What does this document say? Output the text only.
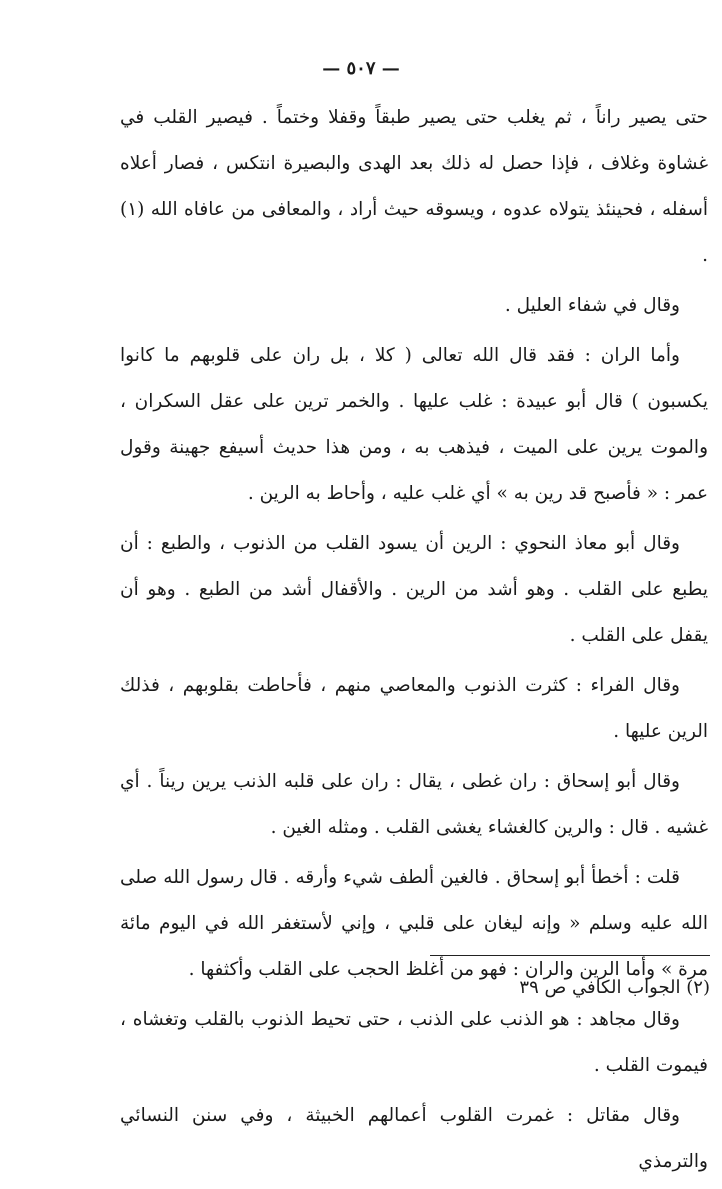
— ٥٠٧ —

حتى يصير راناً ، ثم يغلب حتى يصير طبقاً وقفلا وختماً . فيصير القلب في غشاوة وغلاف ، فإذا حصل له ذلك بعد الهدى والبصيرة انتكس ، فصار أعلاه أسفله ، فحينئذ يتولاه عدوه ، ويسوقه حيث أراد ، والمعافى من عافاه الله (١) .

وقال في شفاء العليل .

وأما الران : فقد قال الله تعالى ( كلا ، بل ران على قلوبهم ما كانوا يكسبون ) قال أبو عبيدة : غلب عليها . والخمر ترين على عقل السكران ، والموت يرين على الميت ، فيذهب به ، ومن هذا حديث أسيفع جهينة وقول عمر : « فأصبح قد رين به » أي غلب عليه ، وأحاط به الرين .

وقال أبو معاذ النحوي : الرين أن يسود القلب من الذنوب ، والطبع : أن يطبع على القلب . وهو أشد من الرين . والأقفال أشد من الطبع . وهو أن يقفل على القلب .

وقال الفراء : كثرت الذنوب والمعاصي منهم ، فأحاطت بقلوبهم ، فذلك الرين عليها .

وقال أبو إسحاق : ران غطى ، يقال : ران على قلبه الذنب يرين ريناً . أي غشيه . قال : والرين كالغشاء يغشى القلب . ومثله الغين .

قلت : أخطأ أبو إسحاق . فالغين ألطف شيء وأرقه . قال رسول الله صلى الله عليه وسلم « وإنه ليغان على قلبي ، وإني لأستغفر الله في اليوم مائة مرة » وأما الرين والران : فهو من أغلظ الحجب على القلب وأكثفها .

وقال مجاهد : هو الذنب على الذنب ، حتى تحيط الذنوب بالقلب وتغشاه ، فيموت القلب .

وقال مقاتل : غمرت القلوب أعمالهم الخبيثة ، وفي سنن النسائي والترمذي

(٢) الجواب الكافي ص ٣٩
